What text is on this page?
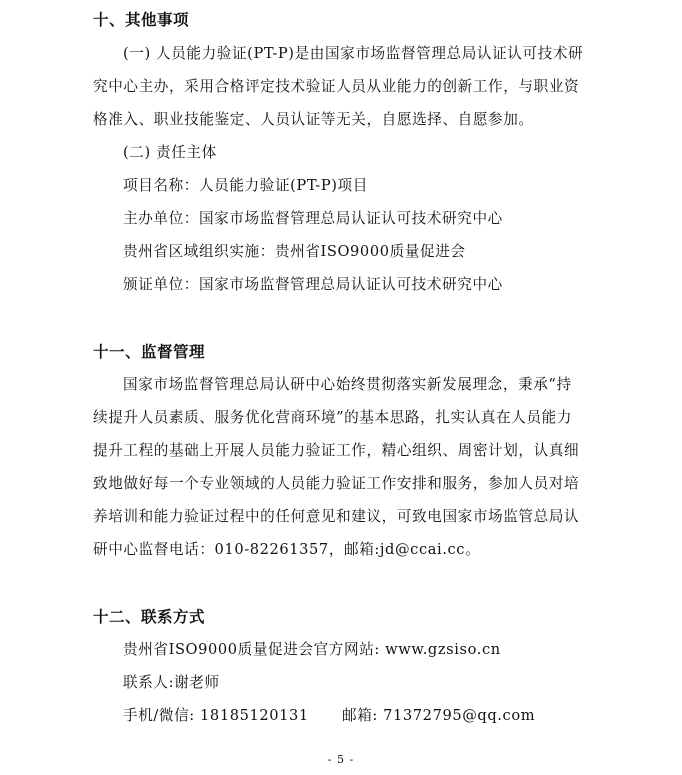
十、其他事项
(一) 人员能力验证(PT-P)是由国家市场监督管理总局认证认可技术研
究中心主办，采用合格评定技术验证人员从业能力的创新工作，与职业资
格准入、职业技能鉴定、人员认证等无关，自愿选择、自愿参加。
(二) 责任主体
项目名称：人员能力验证(PT-P)项目
主办单位：国家市场监督管理总局认证认可技术研究中心
贵州省区域组织实施：贵州省ISO9000质量促进会
颁证单位：国家市场监督管理总局认证认可技术研究中心
十一、监督管理
国家市场监督管理总局认研中心始终贯彻落实新发展理念，秉承“持
续提升人员素质、服务优化营商环境”的基本思路，扎实认真在人员能力
提升工程的基础上开展人员能力验证工作，精心组织、周密计划，认真细
致地做好每一个专业领域的人员能力验证工作安排和服务，参加人员对培
养培训和能力验证过程中的任何意见和建议，可致电国家市场监管总局认
研中心监督电话：010-82261357，邮箱:jd@ccai.cc。
十二、联系方式
贵州省ISO9000质量促进会官方网站: www.gzsiso.cn
联系人:谢老师
手机/微信: 18185120131 邮箱: 71372795@qq.com
- 5 -
